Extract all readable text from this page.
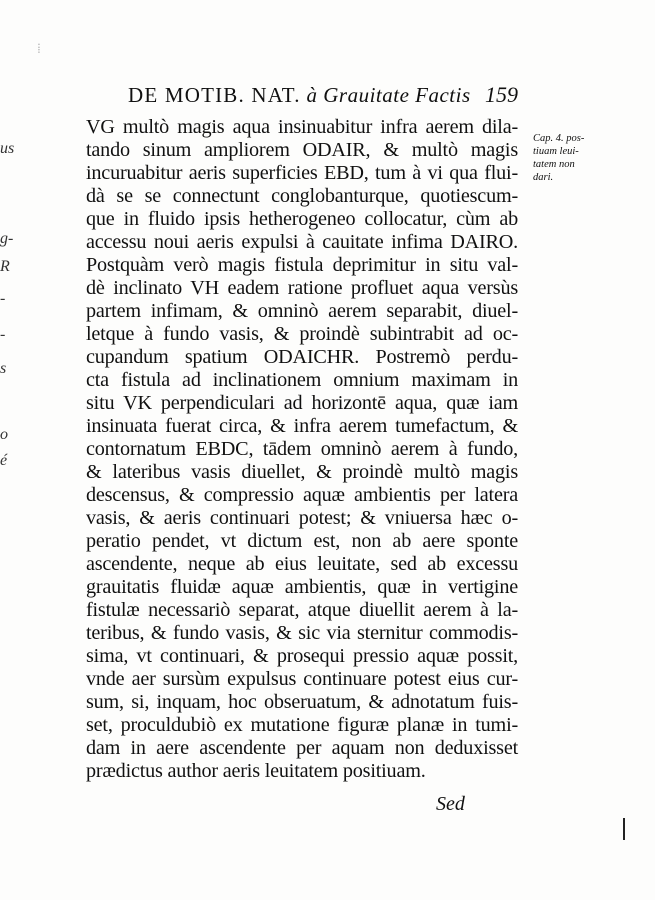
⁞
us
g-
R
-
-
s
o
é
DE MOTIB. NAT. à Grauitate Factis 159
Cap. 4. pos-
tiuam leui-
tatem non
dari.
VG multò magis aqua insinuabitur infra aerem dila-
tando sinum ampliorem ODAIR, & multò magis
incuruabitur aeris superficies EBD, tum à vi qua flui-
dà se se connectunt conglobanturque, quotiescum-
que in fluido ipsis hetherogeneo collocatur, cùm ab
accessu noui aeris expulsi à cauitate infima DAIRO.
Postquàm verò magis fistula deprimitur in situ val-
dè inclinato VH eadem ratione profluet aqua versùs
partem infimam, & omninò aerem separabit, diuel-
letque à fundo vasis, & proindè subintrabit ad oc-
cupandum spatium ODAICHR. Postremò perdu-
cta fistula ad inclinationem omnium maximam in
situ VK perpendiculari ad horizontē aqua, quæ iam
insinuata fuerat circa, & infra aerem tumefactum, &
contornatum EBDC, tādem omninò aerem à fundo,
& lateribus vasis diuellet, & proindè multò magis
descensus, & compressio aquæ ambientis per latera
vasis, & aeris continuari potest; & vniuersa hæc o-
peratio pendet, vt dictum est, non ab aere sponte
ascendente, neque ab eius leuitate, sed ab excessu
grauitatis fluidæ aquæ ambientis, quæ in vertigine
fistulæ necessariò separat, atque diuellit aerem à la-
teribus, & fundo vasis, & sic via sternitur commodis-
sima, vt continuari, & prosequi pressio aquæ possit,
vnde aer sursùm expulsus continuare potest eius cur-
sum, si, inquam, hoc obseruatum, & adnotatum fuis-
set, proculdubiò ex mutatione figuræ planæ in tumi-
dam in aere ascendente per aquam non deduxisset
prædictus author aeris leuitatem positiuam.
Sed
